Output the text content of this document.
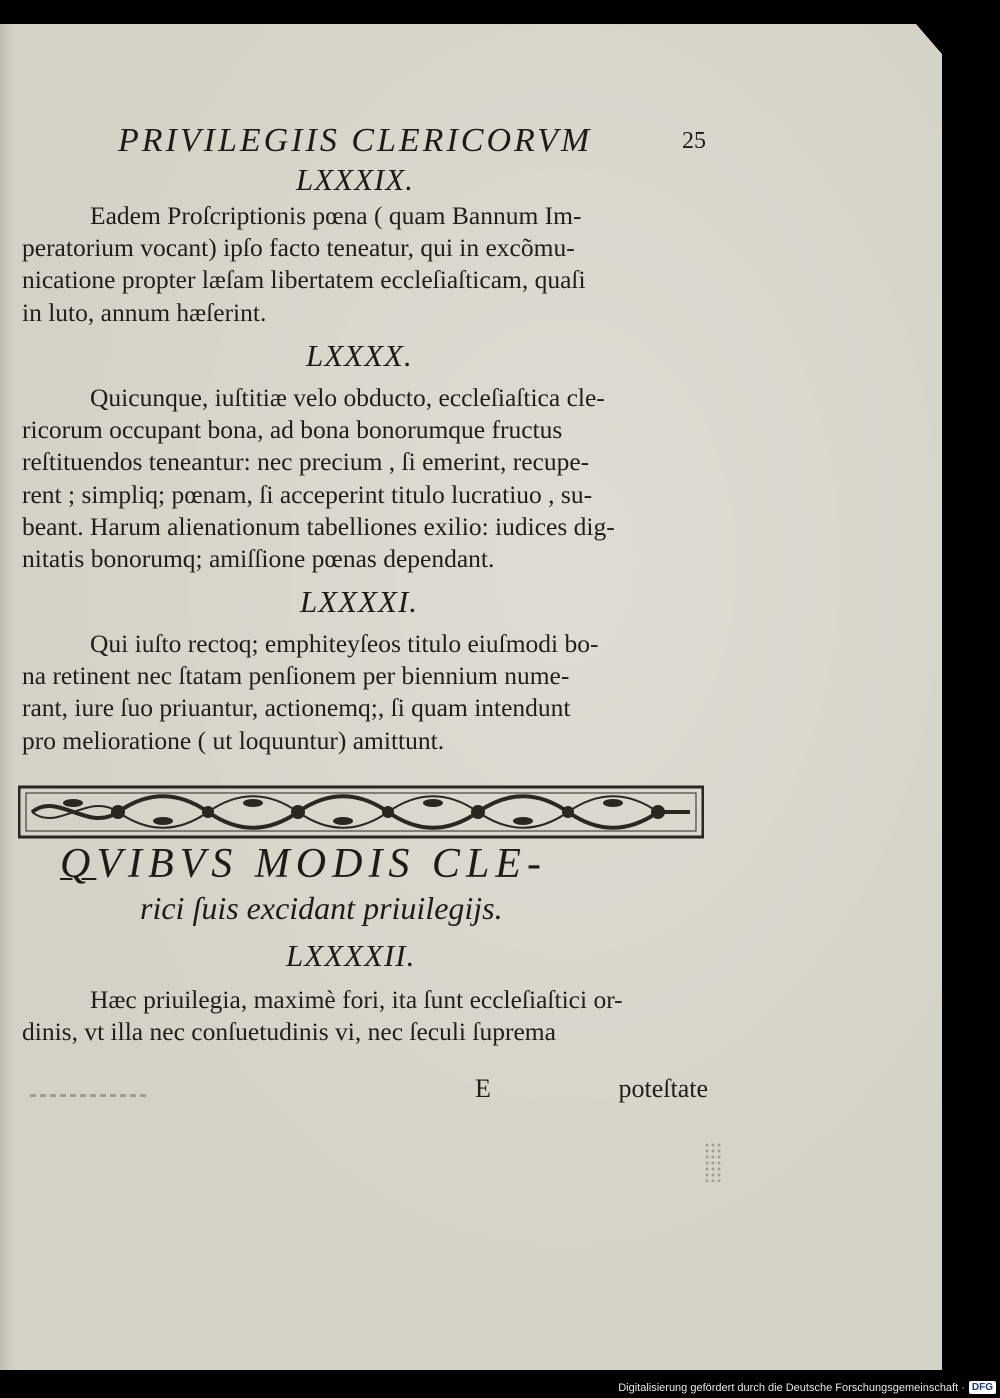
PRIVILEGIIS CLERICORVM	25
LXXXIX.
Eadem Proſcriptionis pœna ( quam Bannum Im-
peratorium vocant) ipſo facto teneatur, qui in excõmu-
nicatione propter læſam libertatem eccleſiaſticam, quaſi
in luto, annum hæſerint.
LXXXX.
Quicunque, iuſtitiæ velo obducto, eccleſiaſtica cle-
ricorum occupant bona, ad bona bonorumque fructus
reſtituendos teneantur: nec precium , ſi emerint, recupe-
rent ; simpliq; pœnam, ſi acceperint titulo lucratiuo , su-
beant. Harum alienationum tabelliones exilio: iudices dig-
nitatis bonorumq; amiſſione pœnas dependant.
LXXXXI.
Qui iuſto rectoq; emphiteyſeos titulo eiuſmodi bo-
na retinent nec ſtatam penſionem per biennium nume-
rant, iure ſuo priuantur, actionemq;, ſi quam intendunt
pro melioratione ( ut loquuntur) amittunt.
QVIBVS MODIS CLE-
rici ſuis excidant priuilegijs.
LXXXXII.
Hæc priuilegia, maximè fori, ita ſunt eccleſiaſtici or-
dinis, vt illa nec conſuetudinis vi, nec ſeculi ſuprema
E	poteſtate
Digitalisierung gefördert durch die Deutsche Forschungsgemeinschaft · DFG
